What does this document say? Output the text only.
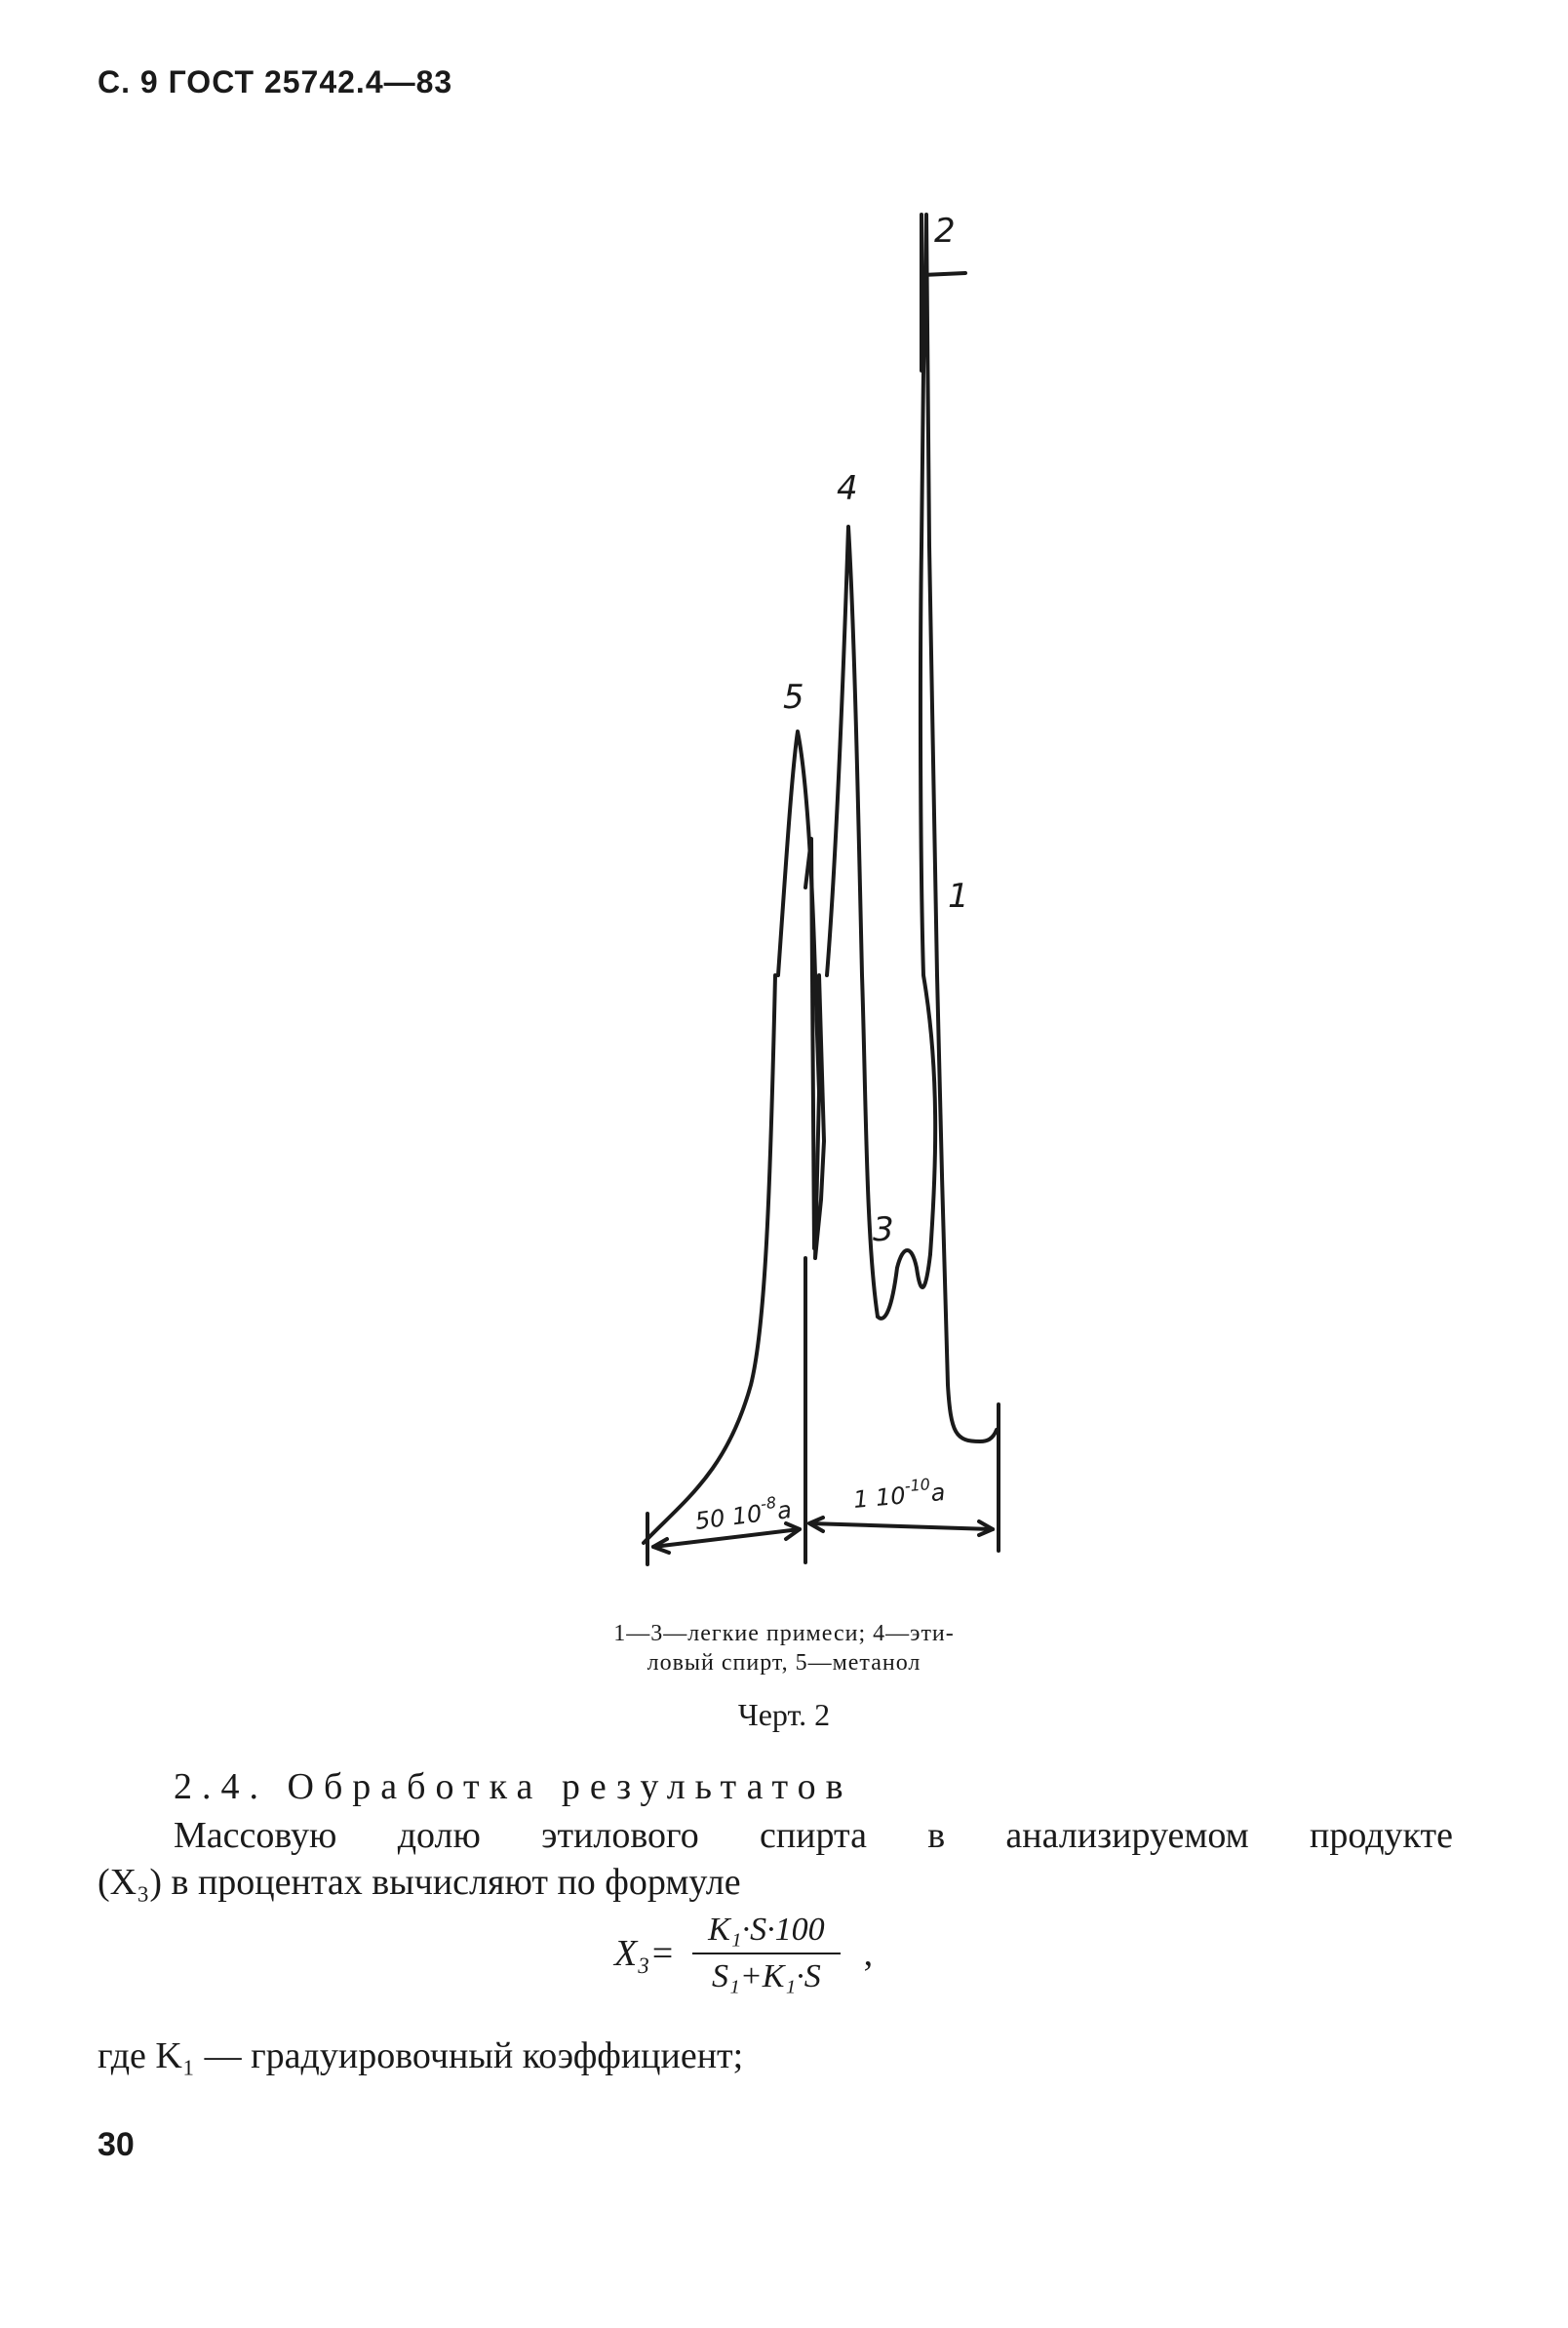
С. 9 ГОСТ 25742.4—83
2
4
5
1
3
50 $10^{-8}a$	1 $10^{-10}a$
1—3—легкие примеси; 4—эти-
ловый спирт, 5—метанол
Черт. 2
2.4. Обработка результатов
Массовую долю этилового спирта в анализируемом продукте
(X₃) в процентах вычисляют по формуле
$X_3= \frac{\text{K₁·S·100}}{\text{S₁+K₁·S}}$ ,
где K₁ — градуировочный коэффициент;
30
